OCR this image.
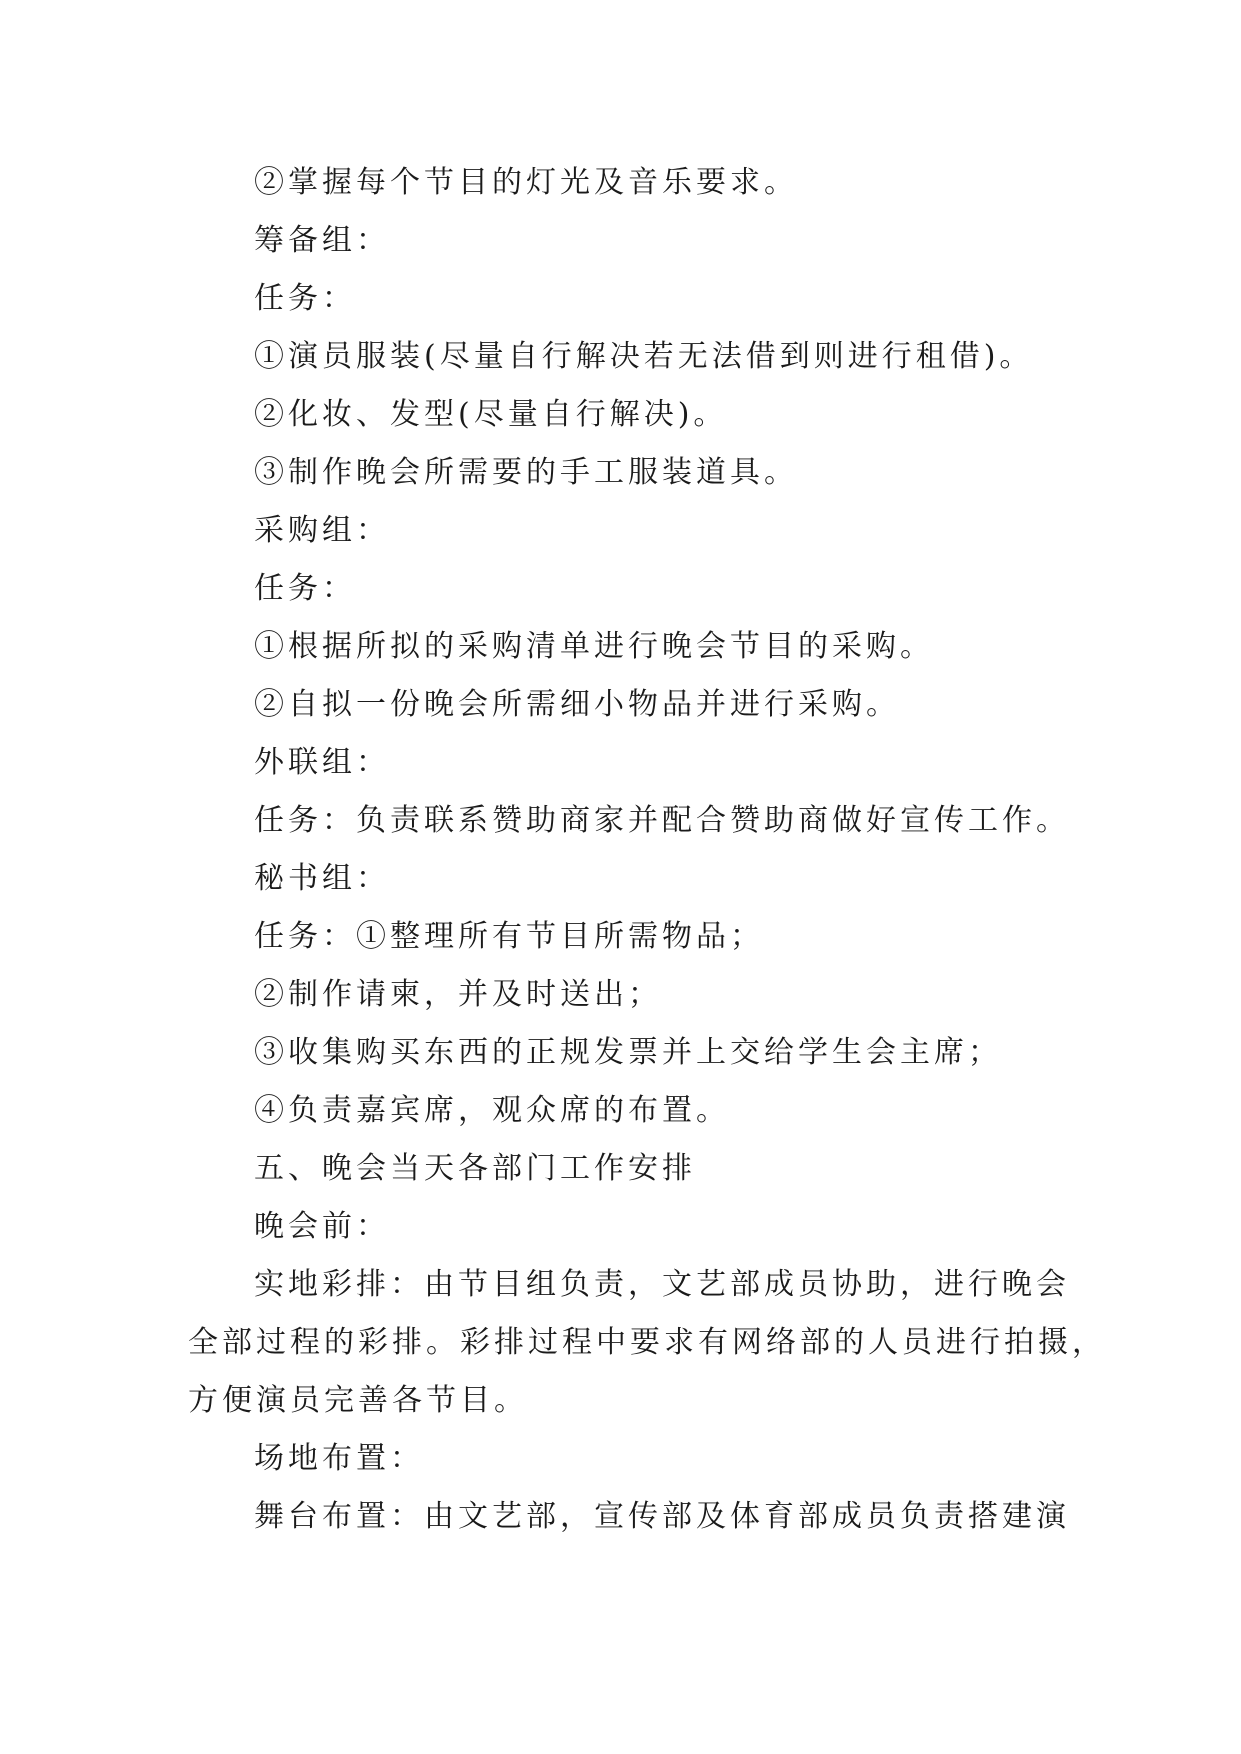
②掌握每个节目的灯光及音乐要求。
筹备组：
任务：
①演员服装(尽量自行解决若无法借到则进行租借)。
②化妆、发型(尽量自行解决)。
③制作晚会所需要的手工服装道具。
采购组：
任务：
①根据所拟的采购清单进行晚会节目的采购。
②自拟一份晚会所需细小物品并进行采购。
外联组：
任务：负责联系赞助商家并配合赞助商做好宣传工作。
秘书组：
任务：①整理所有节目所需物品；
②制作请柬，并及时送出；
③收集购买东西的正规发票并上交给学生会主席；
④负责嘉宾席，观众席的布置。
五、晚会当天各部门工作安排
晚会前：
实地彩排：由节目组负责，文艺部成员协助，进行晚会
全部过程的彩排。彩排过程中要求有网络部的人员进行拍摄，
方便演员完善各节目。
场地布置：
舞台布置：由文艺部，宣传部及体育部成员负责搭建演
